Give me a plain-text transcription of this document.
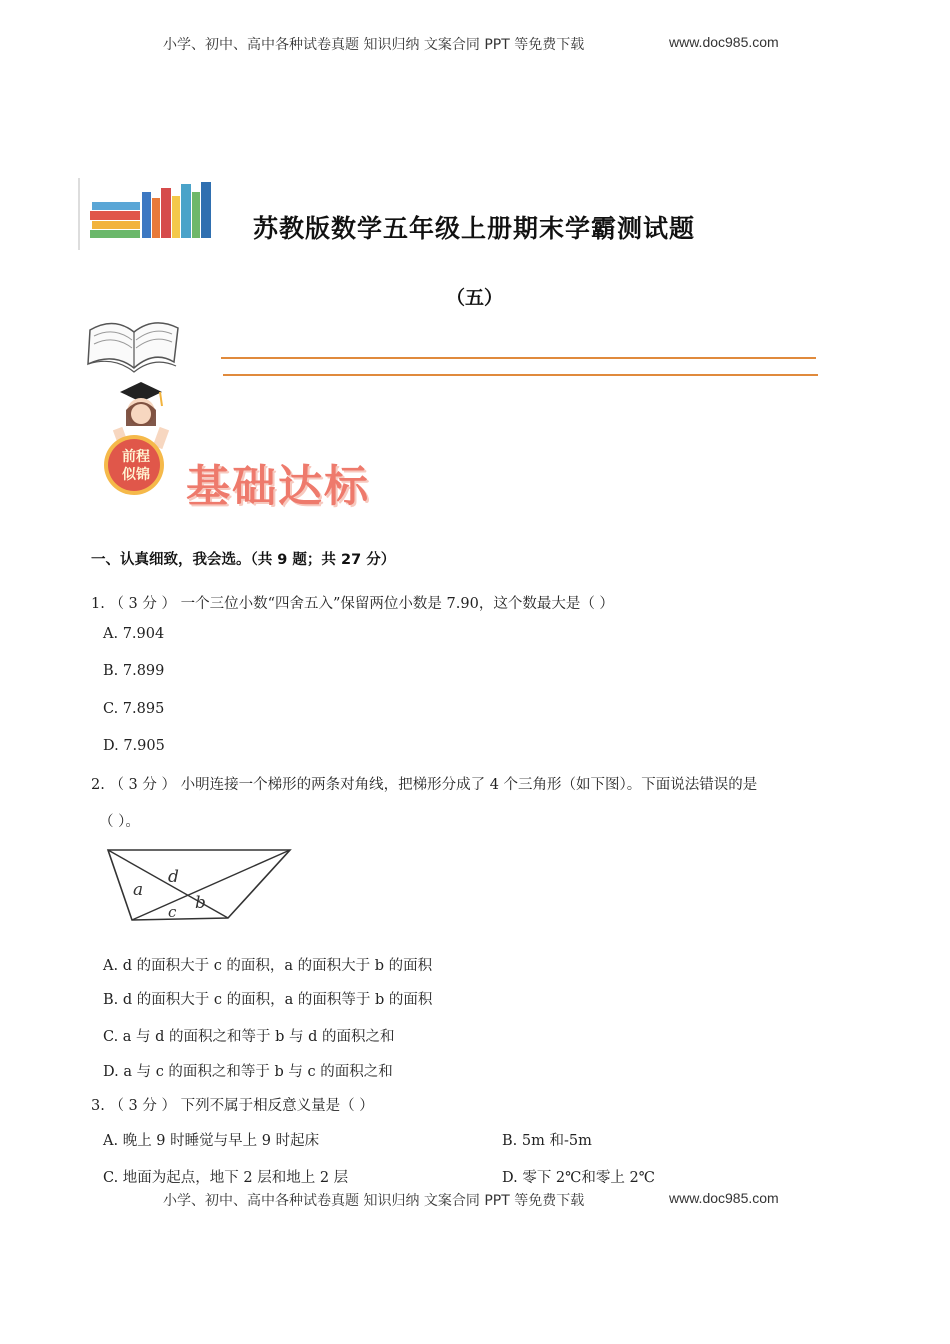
小学、初中、高中各种试卷真题 知识归纳 文案合同 PPT 等免费下载	www.doc985.com
苏教版数学五年级上册期末学霸测试题
（五）
前程
似锦 基础达标
一、认真细致，我会选。（共 9 题；共 27 分）
1. （ 3 分 ） 一个三位小数“四舍五入”保留两位小数是 7.90，这个数最大是（ ）
A. 7.904
B. 7.899
C. 7.895
D. 7.905
2. （ 3 分 ） 小明连接一个梯形的两条对角线，把梯形分成了 4 个三角形（如下图）。下面说法错误的是
（ ）。
a
d
c b
A. d 的面积大于 c 的面积，a 的面积大于 b 的面积
B. d 的面积大于 c 的面积，a 的面积等于 b 的面积
C. a 与 d 的面积之和等于 b 与 d 的面积之和
D. a 与 c 的面积之和等于 b 与 c 的面积之和
3. （ 3 分 ） 下列不属于相反意义量是（ ）
A. 晚上 9 时睡觉与早上 9 时起床	B. 5m 和-5m
C. 地面为起点，地下 2 层和地上 2 层	D. 零下 2℃和零上 2℃
小学、初中、高中各种试卷真题 知识归纳 文案合同 PPT 等免费下载	www.doc985.com
